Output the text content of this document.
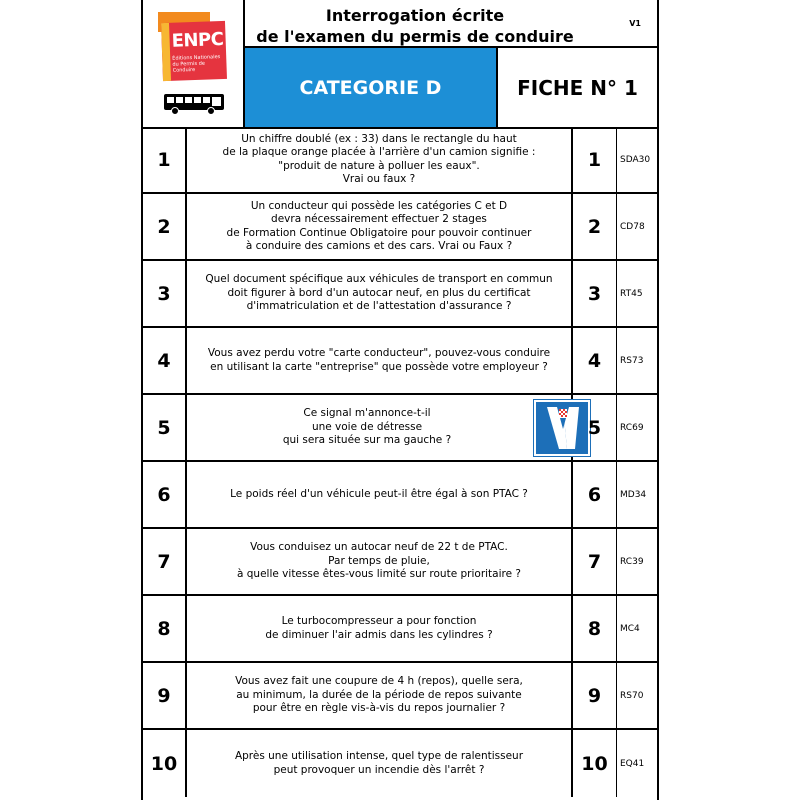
ENPC
Éditions Nationales du Permis de Conduire
Interrogation écrite
de l'examen du permis de conduire
V1
CATEGORIE D	FICHE N° 1
1
Un chiffre doublé (ex : 33) dans le rectangle du haut
de la plaque orange placée à l'arrière d'un camion signifie :
"produit de nature à polluer les eaux".
Vrai ou faux ?
1	SDA30
2
Un conducteur qui possède les catégories C et D
devra nécessairement effectuer 2 stages
de Formation Continue Obligatoire pour pouvoir continuer
à conduire des camions et des cars. Vrai ou Faux ?
2	CD78
3
Quel document spécifique aux véhicules de transport en commun
doit figurer à bord d'un autocar neuf, en plus du certificat
d'immatriculation et de l'attestation d'assurance ?
3	RT45
4	Vous avez perdu votre "carte conducteur", pouvez-vous conduire
en utilisant la carte "entreprise" que possède votre employeur ?	4	RS73
5
Ce signal m'annonce-t-il
une voie de détresse
qui sera située sur ma gauche ?
5	RC69
6	Le poids réel d'un véhicule peut-il être égal à son PTAC ?	6	MD34
7
Vous conduisez un autocar neuf de 22 t de PTAC.
Par temps de pluie,
à quelle vitesse êtes-vous limité sur route prioritaire ?
7	RC39
8	Le turbocompresseur a pour fonction
de diminuer l'air admis dans les cylindres ?	8	MC4
9
Vous avez fait une coupure de 4 h (repos), quelle sera,
au minimum, la durée de la période de repos suivante
pour être en règle vis-à-vis du repos journalier ?
9	RS70
10	Après une utilisation intense, quel type de ralentisseur
peut provoquer un incendie dès l'arrêt ?	10	EQ41
